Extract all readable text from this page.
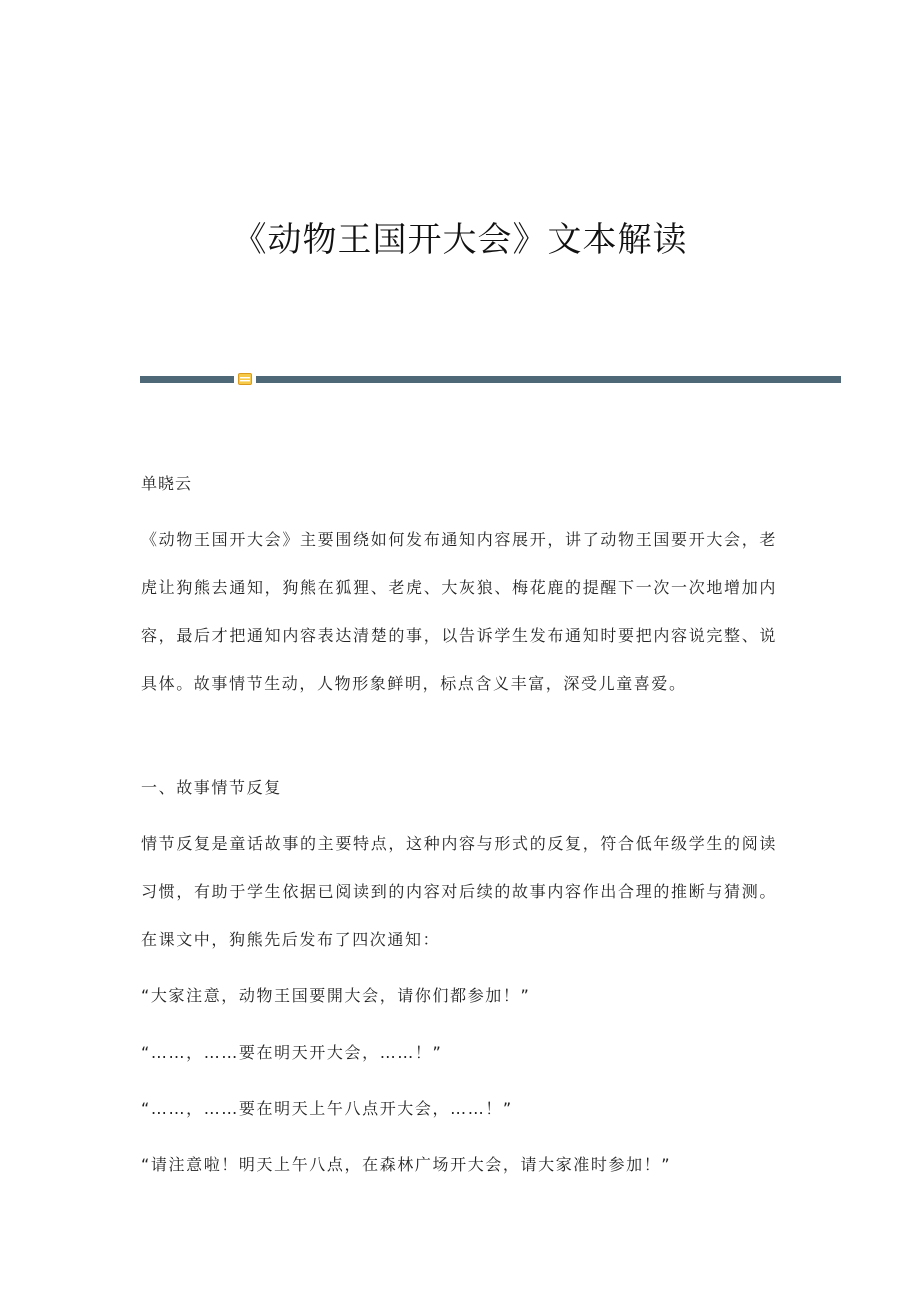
《动物王国开大会》文本解读
单晓云

《动物王国开大会》主要围绕如何发布通知内容展开，讲了动物王国要开大会，老虎让狗熊去通知，狗熊在狐狸、老虎、大灰狼、梅花鹿的提醒下一次一次地增加内容，最后才把通知内容表达清楚的事，以告诉学生发布通知时要把内容说完整、说具体。故事情节生动，人物形象鲜明，标点含义丰富，深受儿童喜爱。

一、故事情节反复

情节反复是童话故事的主要特点，这种内容与形式的反复，符合低年级学生的阅读习惯，有助于学生依据已阅读到的内容对后续的故事内容作出合理的推断与猜测。在课文中，狗熊先后发布了四次通知：

“大家注意，动物王国要開大会，请你们都参加！”
“……，……要在明天开大会，……！”
“……，……要在明天上午八点开大会，……！”
“请注意啦！明天上午八点，在森林广场开大会，请大家准时参加！”
